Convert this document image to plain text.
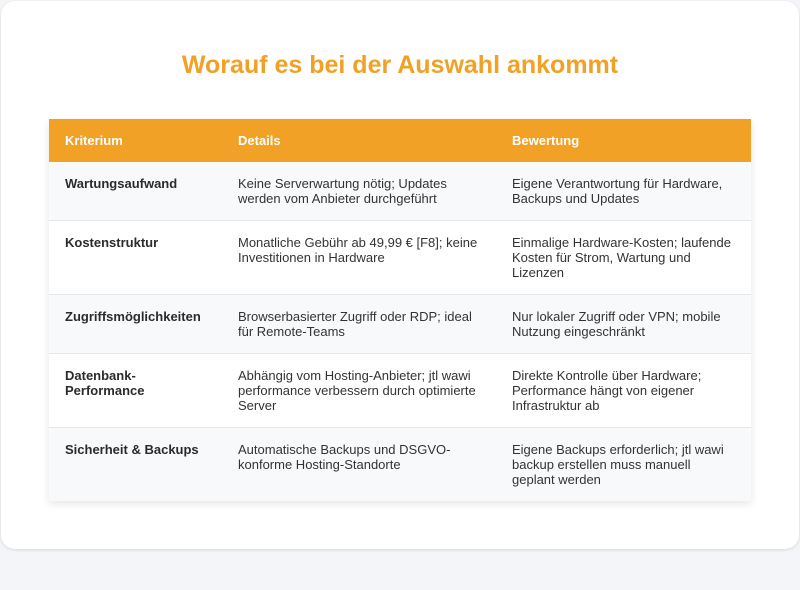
Worauf es bei der Auswahl ankommt
Kriterium	Details	Bewertung
Wartungsaufwand	Keine Serverwartung nötig; Updates werden vom Anbieter durchgeführt	Eigene Verantwortung für Hardware, Backups und Updates
Kostenstruktur	Monatliche Gebühr ab 49,99 € [F8]; keine Investitionen in Hardware	Einmalige Hardware-Kosten; laufende Kosten für Strom, Wartung und Lizenzen
Zugriffsmöglichkeiten	Browserbasierter Zugriff oder RDP; ideal für Remote-Teams	Nur lokaler Zugriff oder VPN; mobile Nutzung eingeschränkt
Datenbank-Performance	Abhängig vom Hosting-Anbieter; jtl wawi performance verbessern durch optimierte Server	Direkte Kontrolle über Hardware; Performance hängt von eigener Infrastruktur ab
Sicherheit & Backups	Automatische Backups und DSGVO-konforme Hosting-Standorte	Eigene Backups erforderlich; jtl wawi backup erstellen muss manuell geplant werden
